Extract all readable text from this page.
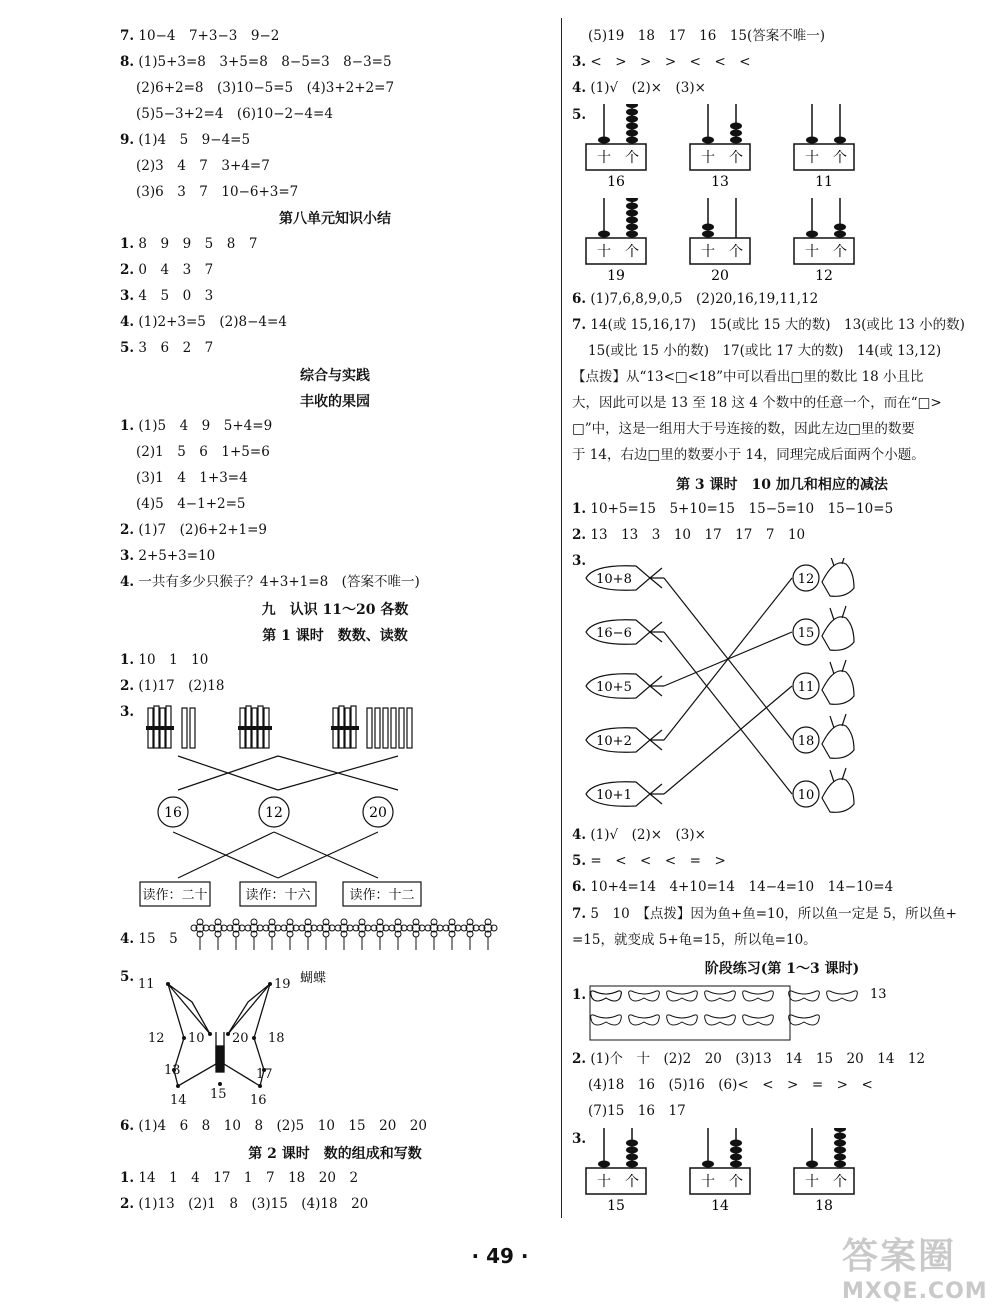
7. 10−4　7+3−3　9−2
8. (1)5+3=8　3+5=8　8−5=3　8−3=5
(2)6+2=8　(3)10−5=5　(4)3+2+2=7
(5)5−3+2=4　(6)10−2−4=4
9. (1)4　5　9−4=5
(2)3　4　7　3+4=7
(3)6　3　7　10−6+3=7
第八单元知识小结
1. 8　9　9　5　8　7
2. 0　4　3　7
3. 4　5　0　3
4. (1)2+3=5　(2)8−4=4
5. 3　6　2　7
综合与实践
丰收的果园
1. (1)5　4　9　5+4=9
(2)1　5　6　1+5=6
(3)1　4　1+3=4
(4)5　4−1+2=5
2. (1)7　(2)6+2+1=9
3. 2+5+3=10
4. 一共有多少只猴子？4+3+1=8　(答案不唯一)
九　认识 11～20 各数
第 1 课时　数数、读数
1. 10　1　10
2. (1)17　(2)18
3.
16	12	20
读作：二十	读作：十六	读作：十二
4. 15　5
5. 11	19
12 10 20 18
13	17
14 15 16
蝴蝶
6. (1)4　6　8　10　8　(2)5　10　15　20　20
第 2 课时　数的组成和写数
1. 14　1　4　17　1　7　18　20　2
2. (1)13　(2)1　8　(3)15　(4)18　20
(5)19　18　17　16　15(答案不唯一)
3. <　>　>　>　<　<　<
4. (1)√　(2)×　(3)×
5.
十 个	十 个	十 个
16	13	11
十 个	十 个	十 个
19	20	12
6. (1)7,6,8,9,0,5　(2)20,16,19,11,12
7. 14(或 15,16,17)　15(或比 15 大的数)　13(或比 13 小的数)
15(或比 15 小的数)　17(或比 17 大的数)　14(或 13,12)
【点拨】从“13<□<18”中可以看出□里的数比 18 小且比
大，因此可以是 13 至 18 这 4 个数中的任意一个，而在“□>
□”中，这是一组用大于号连接的数，因此左边□里的数要
于 14，右边□里的数要小于 14，同理完成后面两个小题。
第 3 课时　10 加几和相应的减法
1. 10+5=15　5+10=15　15−5=10　15−10=5
2. 13　13　3　10　17　17　7　10
3.
10+8
16−6
10+5
10+2
10+1
12
15
11
18
10
4. (1)√　(2)×　(3)×
5. =　<　<　<　=　>
6. 10+4=14　4+10=14　14−4=10　14−10=4
7. 5　10　【点拨】因为鱼+鱼=10，所以鱼一定是 5，所以鱼+
=15，就变成 5+龟=15，所以龟=10。
阶段练习(第 1～3 课时)
1.	13
2. (1)个　十　(2)2　20　(3)13　14　15　20　14　12
(4)18　16　(5)16　(6)<　<　>　=　>　<
(7)15　16　17
3.
十 个	十 个	十 个
15	14	18
· 49 ·	答案圈
MXQE.COM
